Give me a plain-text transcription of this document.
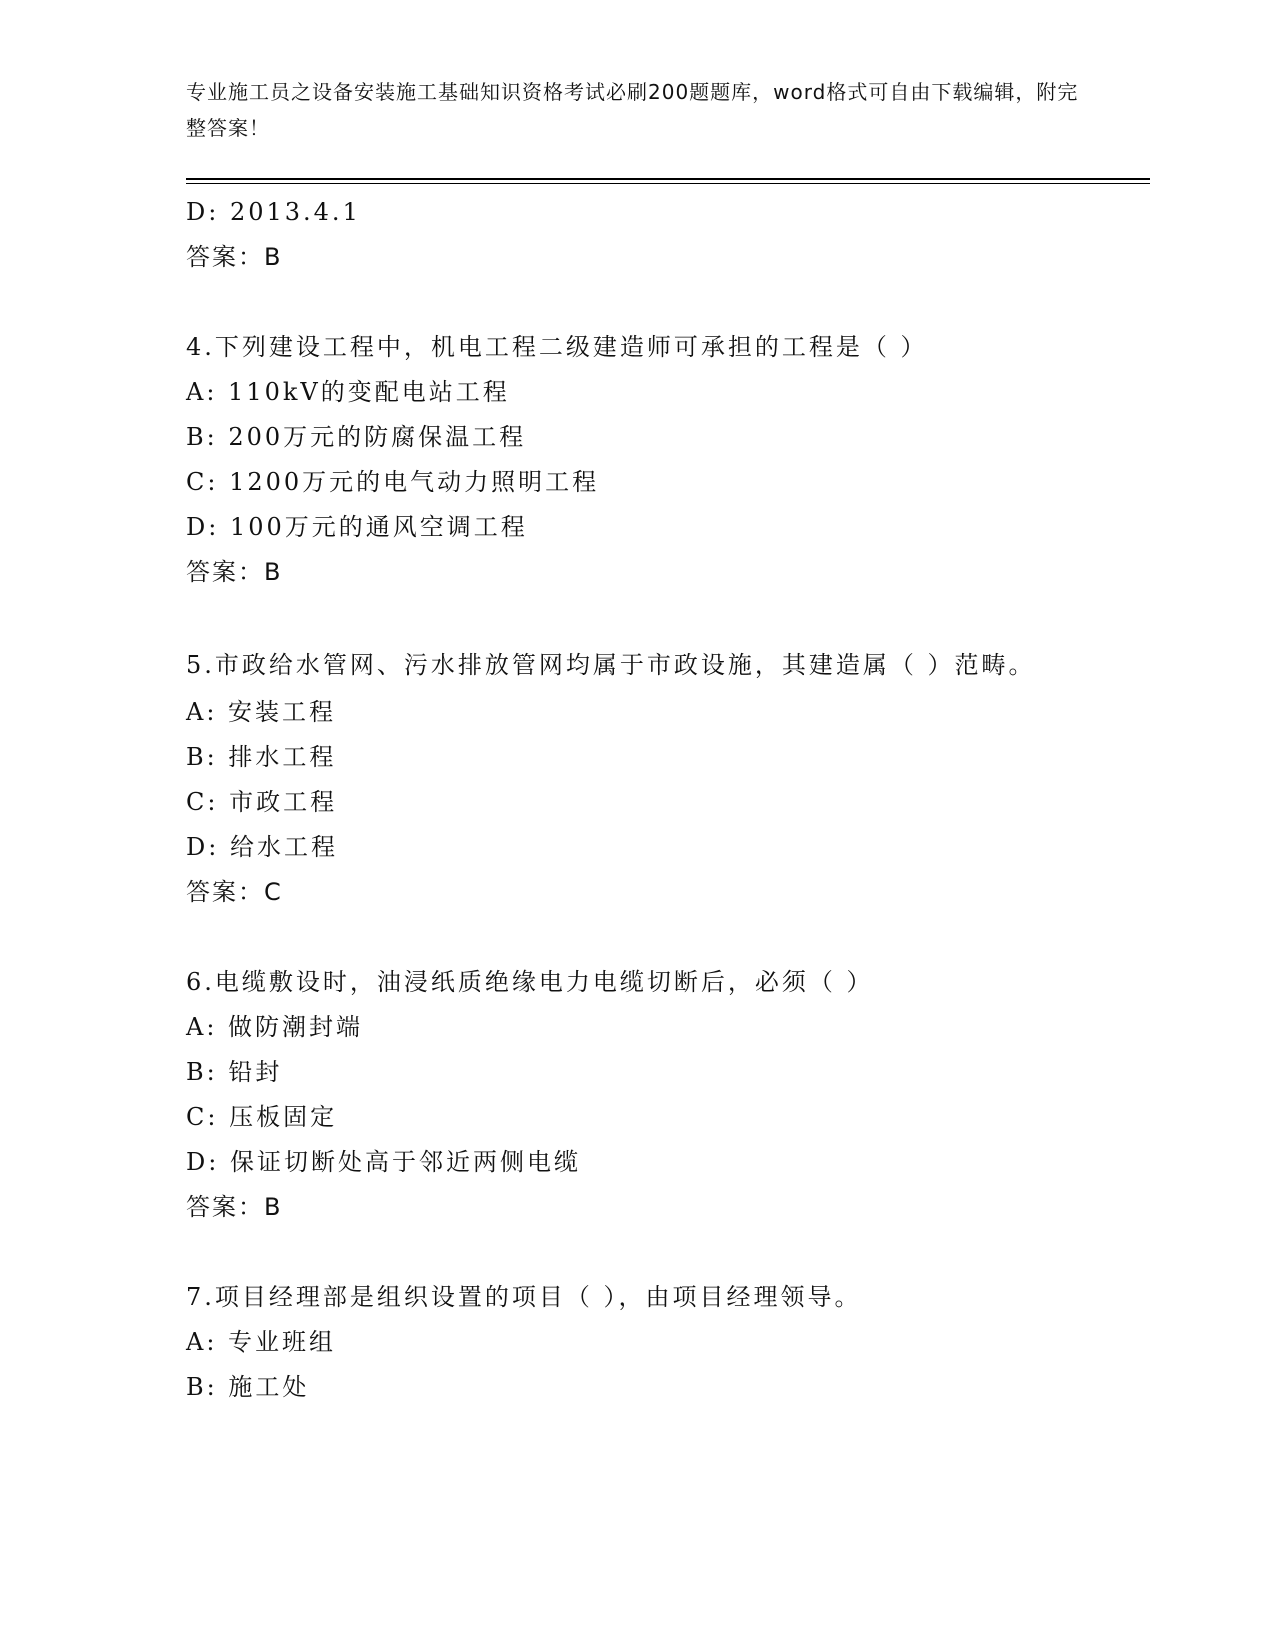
专业施工员之设备安装施工基础知识资格考试必刷200题题库，word格式可自由下载编辑，附完整答案！
D: 2013.4.1
答案：B
4.下列建设工程中，机电工程二级建造师可承担的工程是（ ）
A: 110kV的变配电站工程
B: 200万元的防腐保温工程
C: 1200万元的电气动力照明工程
D: 100万元的通风空调工程
答案：B
5.市政给水管网、污水排放管网均属于市政设施，其建造属（ ）范畴。
A: 安装工程
B: 排水工程
C: 市政工程
D: 给水工程
答案：C
6.电缆敷设时，油浸纸质绝缘电力电缆切断后，必须（ ）
A: 做防潮封端
B: 铅封
C: 压板固定
D: 保证切断处高于邻近两侧电缆
答案：B
7.项目经理部是组织设置的项目（ ），由项目经理领导。
A: 专业班组
B: 施工处
